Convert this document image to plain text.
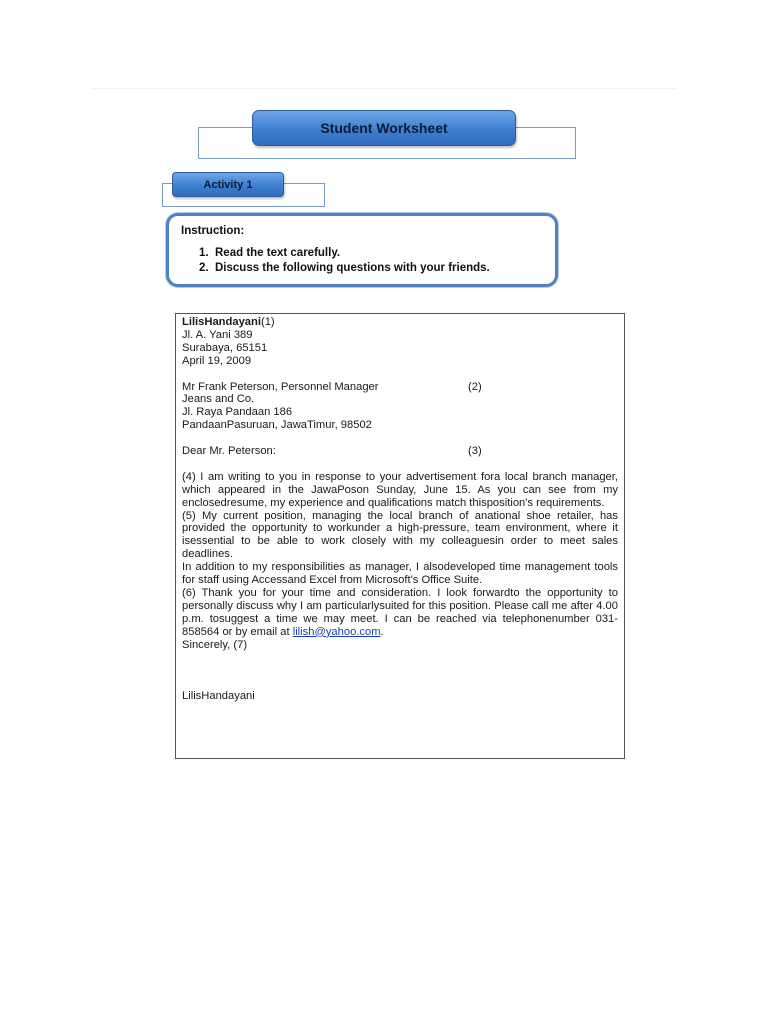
Student Worksheet
Activity 1
Instruction:
1. Read the text carefully.
2. Discuss the following questions with your friends.

LilisHandayani(1)

Jl. A. Yani 389

Surabaya, 65151

April 19, 2009

Mr Frank Peterson, Personnel Manager	(2)

Jeans and Co.

Jl. Raya Pandaan 186

PandaanPasuruan, JawaTimur, 98502

Dear Mr. Peterson:	(3)

(4) I am writing to you in response to your advertisement fora local branch manager, which appeared in the JawaPoson Sunday, June 15. As you can see from my enclosedresume, my experience and qualifications match thisposition's requirements.

(5) My current position, managing the local branch of anational shoe retailer, has provided the opportunity to workunder a high-pressure, team environment, where it isessential to be able to work closely with my colleaguesin order to meet sales deadlines.

In addition to my responsibilities as manager, I alsodeveloped time management tools for staff using Accessand Excel from Microsoft's Office Suite.

(6) Thank you for your time and consideration. I look forwardto the opportunity to personally discuss why I am particularlysuited for this position. Please call me after 4.00 p.m. tosuggest a time we may meet. I can be reached via telephonenumber 031-858564 or by email at lilish@yahoo.com.

Sincerely, (7)

LilisHandayani
